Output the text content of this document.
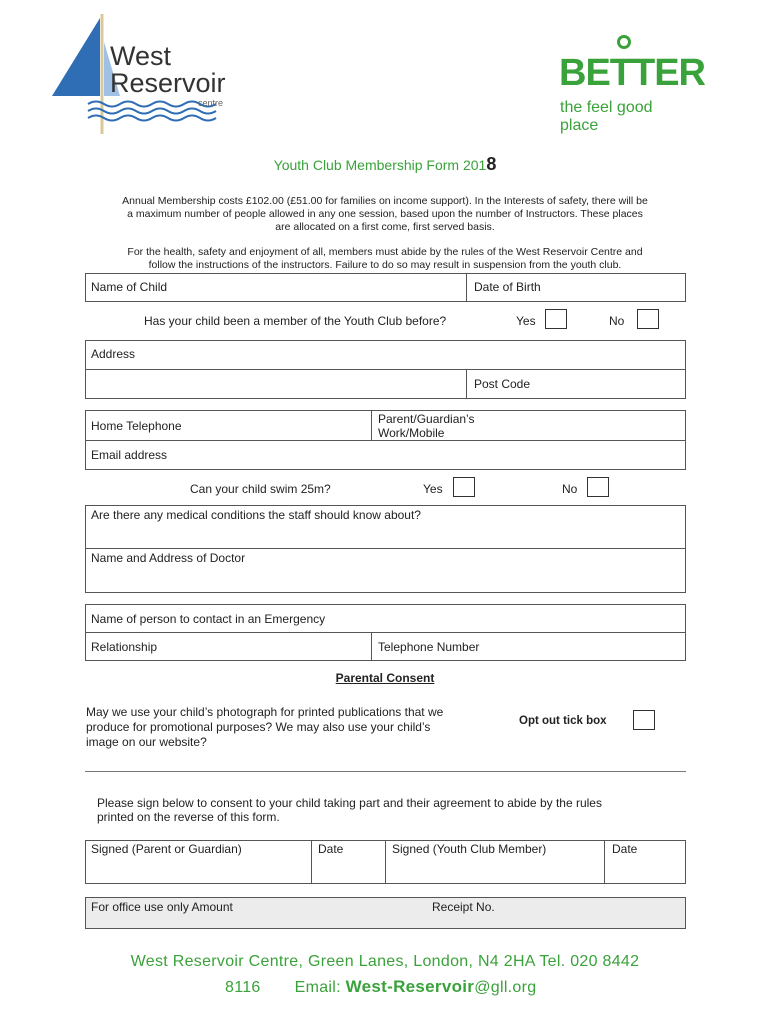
West
Reservoir
centre
BETTER
the feel good place
Youth Club Membership Form 2018
Annual Membership costs £102.00 (£51.00 for families on income support). In the Interests of safety, there will be
a maximum number of people allowed in any one session, based upon the number of Instructors. These places
are allocated on a first come, first served basis.
For the health, safety and enjoyment of all, members must abide by the rules of the West Reservoir Centre and
follow the instructions of the instructors. Failure to do so may result in suspension from the youth club.
Name of Child	Date of Birth
Has your child been a member of the Youth Club before?	Yes	No
Address
Post Code
Home Telephone	Parent/Guardian’s
Work/Mobile
Email address
Can your child swim 25m?	Yes	No
Are there any medical conditions the staff should know about?
Name and Address of Doctor
Name of person to contact in an Emergency
Relationship	Telephone Number
Parental Consent
May we use your child’s photograph for printed publications that we
produce for promotional purposes? We may also use your child’s
image on our website?
Opt out tick box
Please sign below to consent to your child taking part and their agreement to abide by the rules
printed on the reverse of this form.
Signed (Parent or Guardian)	Date	Signed (Youth Club Member)	Date
For office use only Amount	Receipt No.
West Reservoir Centre, Green Lanes, London, N4 2HA Tel. 020 8442
8116 Email: West-Reservoir@gll.org
